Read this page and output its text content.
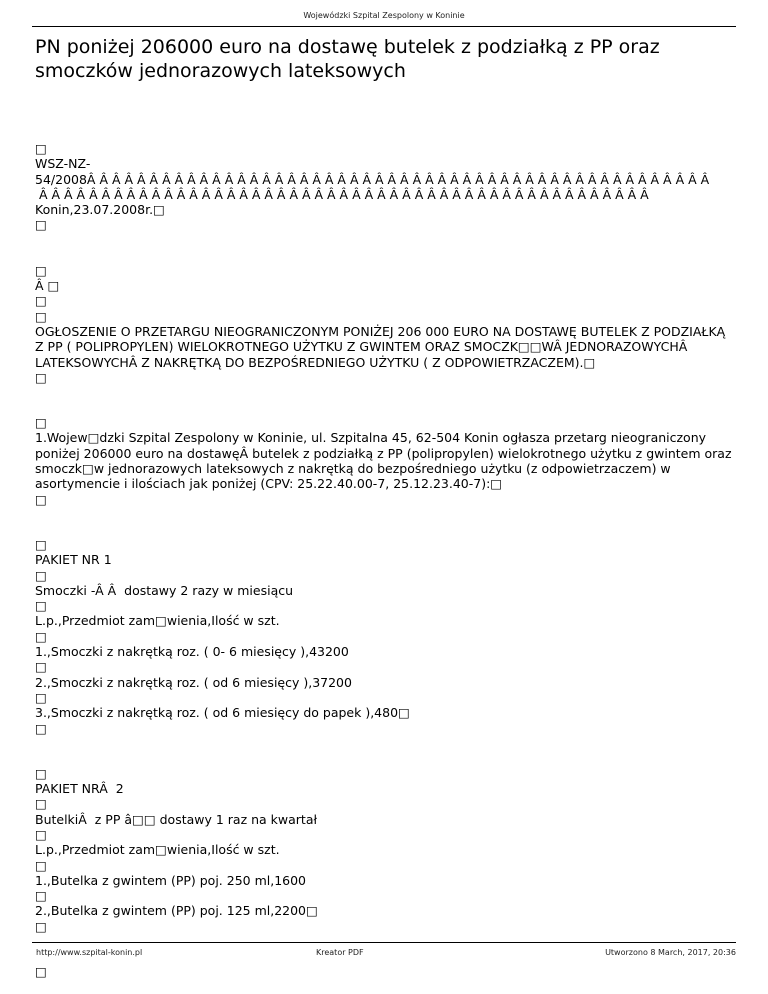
Wojewódzki Szpital Zespolony w Koninie
PN poniżej 206000 euro na dostawę butelek z podziałką z PP oraz smoczków jednorazowych lateksowych
□
WSZ-NZ-
54/2008Â Â Â Â Â Â Â Â Â Â Â Â Â Â Â Â Â Â Â Â Â Â Â Â Â Â Â Â Â Â Â Â Â Â Â Â Â Â Â Â Â Â Â Â Â Â Â Â Â Â
Â Â Â Â Â Â Â Â Â Â Â Â Â Â Â Â Â Â Â Â Â Â Â Â Â Â Â Â Â Â Â Â Â Â Â Â Â Â Â Â Â Â Â Â Â Â Â Â Â
Konin,23.07.2008r.□
□
□
Â □
□
□
OGŁOSZENIE O PRZETARGU NIEOGRANICZONYM PONIŻEJ 206 000 EURO NA DOSTAWĘ BUTELEK Z PODZIAŁKĄ Z PP ( POLIPROPYLEN) WIELOKROTNEGO UŻYTKU Z GWINTEM ORAZ SMOCZK□□WÂ JEDNORAZOWYCHÂ LATEKSOWYCHÂ Z NAKRĘTKĄ DO BEZPOŚREDNIEGO UŻYTKU ( Z ODPOWIETRZACZEM).□
□
□
1.Wojew□dzki Szpital Zespolony w Koninie, ul. Szpitalna 45, 62-504 Konin ogłasza przetarg nieograniczony poniżej 206000 euro na dostawęÂ butelek z podziałką z PP (polipropylen) wielokrotnego użytku z gwintem oraz smoczk□w jednorazowych lateksowych z nakrętką do bezpośredniego użytku (z odpowietrzaczem) w asortymencie i ilościach jak poniżej (CPV: 25.22.40.00-7, 25.12.23.40-7):□
□
□
PAKIET NR 1
□
Smoczki -Â Â  dostawy 2 razy w miesiącu
□
L.p.,Przedmiot zam□wienia,Ilość w szt.
□
1.,Smoczki z nakrętką roz. ( 0- 6 miesięcy ),43200
□
2.,Smoczki z nakrętką roz. ( od 6 miesięcy ),37200
□
3.,Smoczki z nakrętką roz. ( od 6 miesięcy do papek ),480□
□
□
PAKIET NRÂ  2
□
ButelkiÂ  z PP â□□ dostawy 1 raz na kwartał
□
L.p.,Przedmiot zam□wienia,Ilość w szt.
□
1.,Butelka z gwintem (PP) poj. 250 ml,1600
□
2.,Butelka z gwintem (PP) poj. 125 ml,2200□
□
□
http://www.szpital-konin.pl	Kreator PDF	Utworzono 8 March, 2017, 20:36
